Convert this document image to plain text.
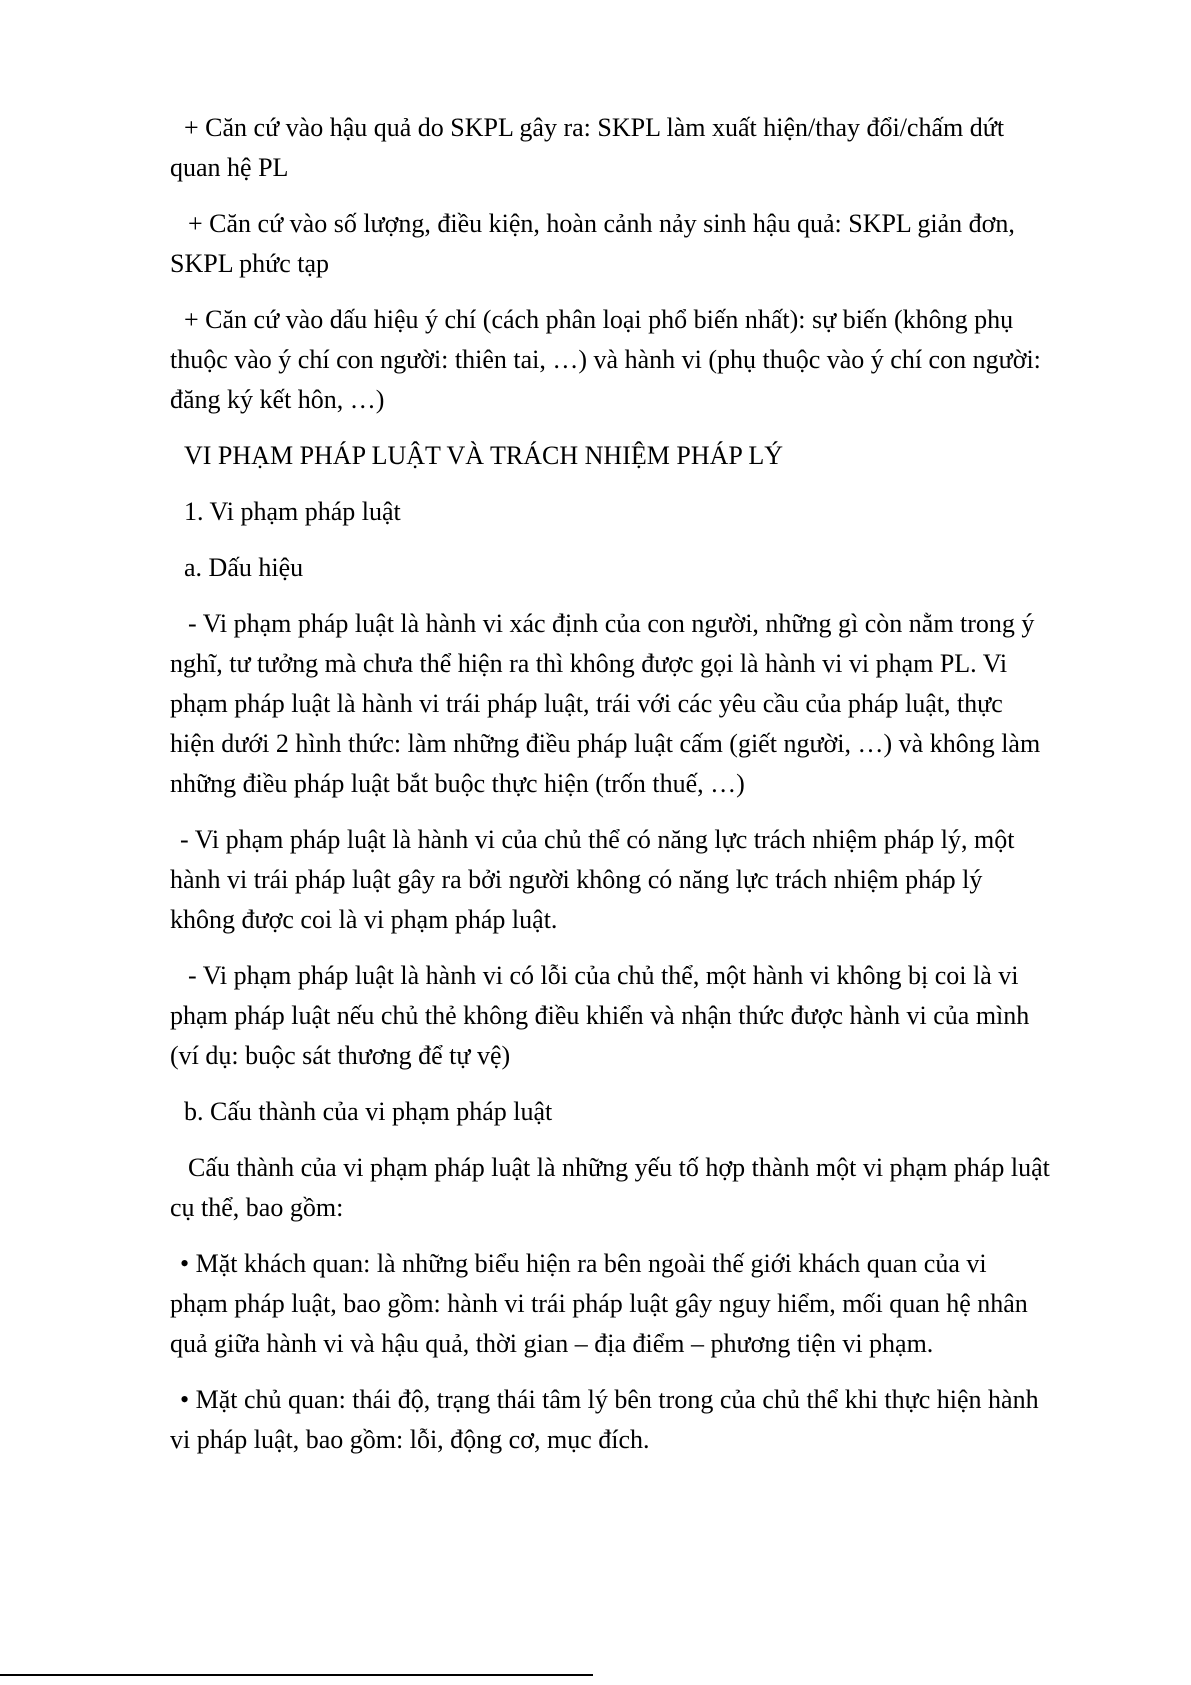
+ Căn cứ vào hậu quả do SKPL gây ra: SKPL làm xuất hiện/thay đổi/chấm dứt quan hệ PL

+ Căn cứ vào số lượng, điều kiện, hoàn cảnh nảy sinh hậu quả: SKPL giản đơn, SKPL phức tạp

+ Căn cứ vào dấu hiệu ý chí (cách phân loại phổ biến nhất): sự biến (không phụ thuộc vào ý chí con người: thiên tai, …) và hành vi (phụ thuộc vào ý chí con người: đăng ký kết hôn, …)

VI PHẠM PHÁP LUẬT VÀ TRÁCH NHIỆM PHÁP LÝ

1. Vi phạm pháp luật

a. Dấu hiệu

- Vi phạm pháp luật là hành vi xác định của con người, những gì còn nằm trong ý nghĩ, tư tưởng mà chưa thể hiện ra thì không được gọi là hành vi vi phạm PL. Vi phạm pháp luật là hành vi trái pháp luật, trái với các yêu cầu của pháp luật, thực hiện dưới 2 hình thức: làm những điều pháp luật cấm (giết người, …) và không làm những điều pháp luật bắt buộc thực hiện (trốn thuế, …)

- Vi phạm pháp luật là hành vi của chủ thể có năng lực trách nhiệm pháp lý, một hành vi trái pháp luật gây ra bởi người không có năng lực trách nhiệm pháp lý không được coi là vi phạm pháp luật.

- Vi phạm pháp luật là hành vi có lỗi của chủ thể, một hành vi không bị coi là vi phạm pháp luật nếu chủ thẻ không điều khiển và nhận thức được hành vi của mình (ví dụ: buộc sát thương để tự vệ)

b. Cấu thành của vi phạm pháp luật

Cấu thành của vi phạm pháp luật là những yếu tố hợp thành một vi phạm pháp luật cụ thể, bao gồm:

• Mặt khách quan: là những biểu hiện ra bên ngoài thế giới khách quan của vi phạm pháp luật, bao gồm: hành vi trái pháp luật gây nguy hiểm, mối quan hệ nhân quả giữa hành vi và hậu quả, thời gian – địa điểm – phương tiện vi phạm.

• Mặt chủ quan: thái độ, trạng thái tâm lý bên trong của chủ thể khi thực hiện hành vi pháp luật, bao gồm: lỗi, động cơ, mục đích.
